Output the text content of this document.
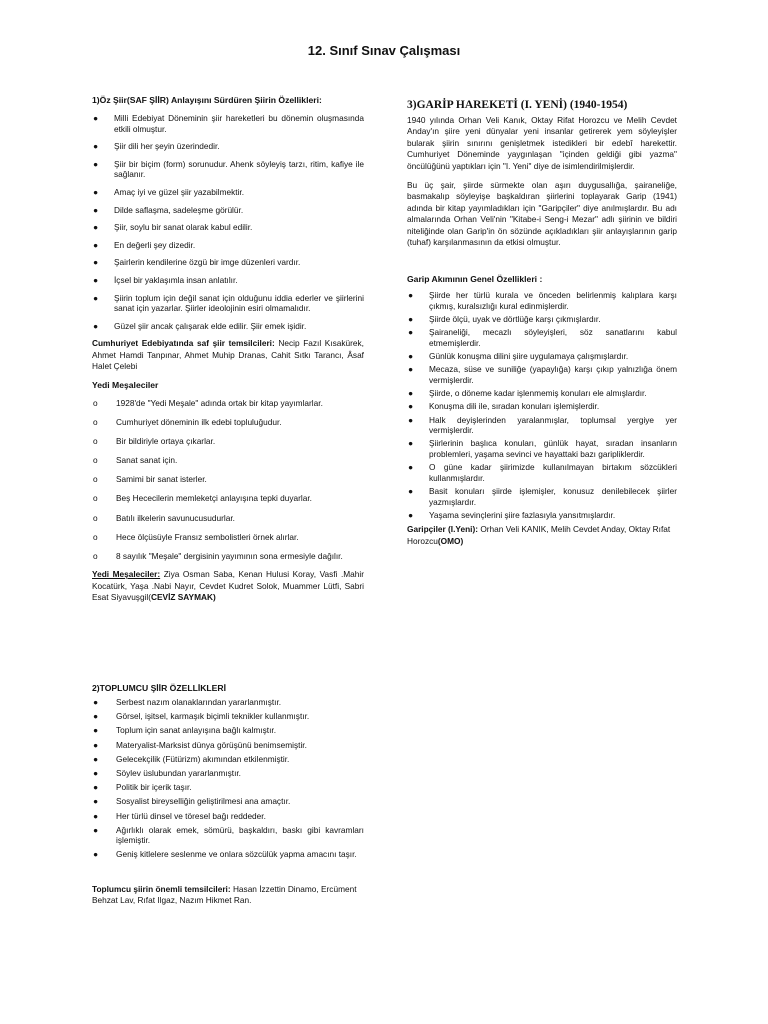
12. Sınıf Sınav Çalışması
1)Öz Şiir(SAF ŞİİR) Anlayışını Sürdüren Şiirin Özellikleri:
● Milli Edebiyat Döneminin şiir hareketleri bu dönemin oluşmasında etkili olmuştur.
● Şiir dili her şeyin üzerindedir.
● Şiir bir biçim (form) sorunudur. Ahenk söyleyiş tarzı, ritim, kafiye ile sağlanır.
● Amaç iyi ve güzel şiir yazabilmektir.
● Dilde saflaşma, sadeleşme görülür.
● Şiir, soylu bir sanat olarak kabul edilir.
● En değerli şey dizedir.
● Şairlerin kendilerine özgü bir imge düzenleri vardır.
● İçsel bir yaklaşımla insan anlatılır.
● Şiirin toplum için değil sanat için olduğunu iddia ederler ve şiirlerini sanat için yazarlar. Şiirler ideolojinin esiri olmamalıdır.
● Güzel şiir ancak çalışarak elde edilir. Şiir emek işidir.
Cumhuriyet Edebiyatında saf şiir temsilcileri: Necip Fazıl Kısakürek, Ahmet Hamdi Tanpınar, Ahmet Muhip Dranas, Cahit Sıtkı Tarancı, Âsaf Halet Çelebi
Yedi Meşaleciler
o 1928'de "Yedi Meşale" adında ortak bir kitap yayımlarlar.
o Cumhuriyet döneminin ilk edebi topluluğudur.
o Bir bildiriyle ortaya çıkarlar.
o Sanat sanat için.
o Samimi bir sanat isterler.
o Beş Hececilerin memleketçi anlayışına tepki duyarlar.
o Batılı ilkelerin savunucusudurlar.
o Hece ölçüsüyle Fransız sembolistleri örnek alırlar.
o 8 sayılık "Meşale" dergisinin yayımının sona ermesiyle dağılır.
Yedi Meşaleciler: Ziya Osman Saba, Kenan Hulusi Koray, Vasfi .Mahir Kocatürk, Yaşa .Nabi Nayır, Cevdet Kudret Solok, Muammer Lütfi, Sabri Esat Siyavuşgil(CEVİZ SAYMAK)
2)TOPLUMCU ŞİİR ÖZELLİKLERİ
● Serbest nazım olanaklarından yararlanmıştır.
● Görsel, işitsel, karmaşık biçimli teknikler kullanmıştır.
● Toplum için sanat anlayışına bağlı kalmıştır.
● Materyalist-Marksist dünya görüşünü benimsemiştir.
● Gelecekçilik (Fütürizm) akımından etkilenmiştir.
● Söylev üslubundan yararlanmıştır.
● Politik bir içerik taşır.
● Sosyalist bireyselliğin geliştirilmesi ana amaçtır.
● Her türlü dinsel ve töresel bağı reddeder.
● Ağırlıklı olarak emek, sömürü, başkaldırı, baskı gibi kavramları işlemiştir.
● Geniş kitlelere seslenme ve onlara sözcülük yapma amacını taşır.
Toplumcu şiirin önemli temsilcileri: Hasan İzzettin Dinamo, Ercüment
Behzat Lav, Rıfat Ilgaz, Nazım Hikmet Ran.
3)GARİP HAREKETİ (I. YENİ) (1940-1954)
1940 yılında Orhan Veli Kanık, Oktay Rifat Horozcu ve Melih Cevdet Anday'ın şiire yeni dünyalar yeni insanlar getirerek yem söyleyişler bularak şiirin sınırını genişletmek istedikleri bir edebî harekettir. Cumhuriyet Döneminde yaygınlaşan "içinden geldiği gibi yazma" öncülüğünü yaptıkları için "I. Yeni" diye de isimlendirilmişlerdir.
Bu üç şair, şiirde sürmekte olan aşırı duygusallığa, şairaneliğe, basmakalıp söyleyişe başkaldıran şiirlerini toplayarak Garip (1941) adında bir kitap yayımladıkları için "Garipçiler" diye anılmışlardır. Bu adı almalarında Orhan Veli'nin "Kitabe-i Seng-i Mezar" adlı şiirinin ve bildiri niteliğinde olan Garip'in ön sözünde açıkladıkları şiir anlayışlarının garip (tuhaf) karşılanmasının da etkisi olmuştur.
Garip Akımının Genel Özellikleri :
● Şiirde her türlü kurala ve önceden belirlenmiş kalıplara karşı çıkmış, kuralsızlığı kural edinmişlerdir.
● Şiirde ölçü, uyak ve dörtlüğe karşı çıkmışlardır.
● Şairaneliği, mecazlı söyleyişleri, söz sanatlarını kabul etmemişlerdir.
● Günlük konuşma dilini şiire uygulamaya çalışmışlardır.
● Mecaza, süse ve suniliğe (yapaylığa) karşı çıkıp yalnızlığa önem vermişlerdir.
● Şiirde, o döneme kadar işlenmemiş konuları ele almışlardır.
● Konuşma dili ile, sıradan konuları işlemişlerdir.
● Halk deyişlerinden yaralanmışlar, toplumsal yergiye yer vermişlerdir.
● Şiirlerinin başlıca konuları, günlük hayat, sıradan insanların problemleri, yaşama sevinci ve hayattaki bazı garipliklerdir.
● O güne kadar şiirimizde kullanılmayan birtakım sözcükleri kullanmışlardır.
● Basit konuları şiirde işlemişler, konusuz denilebilecek şiirler yazmışlardır.
● Yaşama sevinçlerini şiire fazlasıyla yansıtmışlardır.
Garipçiler (I.Yeni): Orhan Veli KANIK, Melih Cevdet Anday, Oktay Rıfat Horozcu(OMO)
